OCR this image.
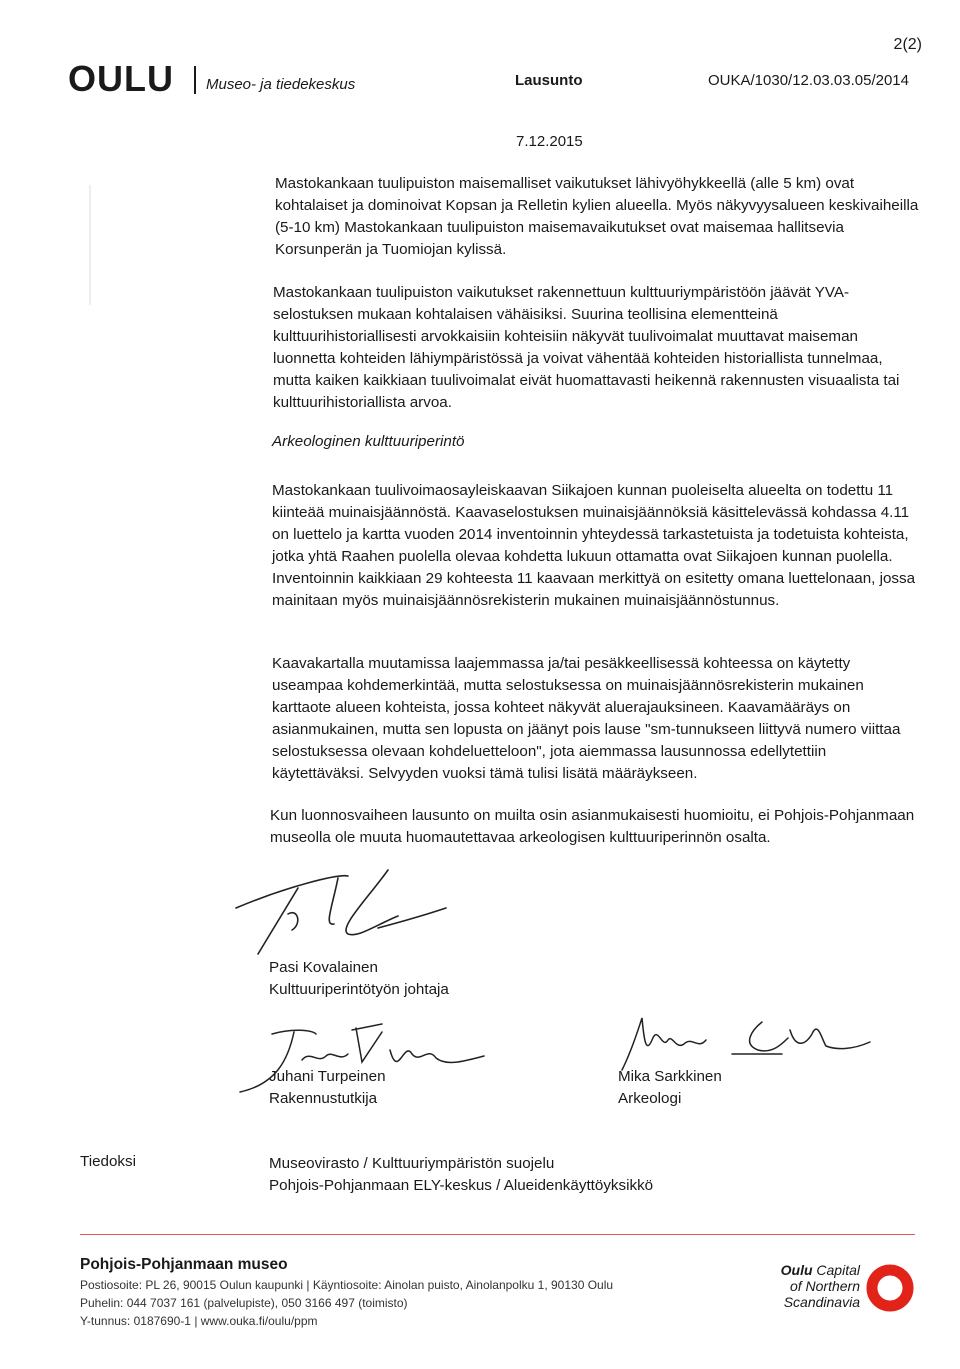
2(2)
OULU Museo- ja tiedekeskus	Lausunto	OUKA/1030/12.03.03.05/2014
7.12.2015

Mastokankaan tuulipuiston maisemalliset vaikutukset lähivyöhykkeellä (alle 5 km) ovat kohtalaiset ja dominoivat Kopsan ja Relletin kylien alueella. Myös näkyvyysalueen keskivaiheilla (5-10 km) Mastokankaan tuulipuiston maisemavaikutukset ovat maisemaa hallitsevia Korsunperän ja Tuomiojan kylissä.

Mastokankaan tuulipuiston vaikutukset rakennettuun kulttuuriympäristöön jäävät YVA-selostuksen mukaan kohtalaisen vähäisiksi. Suurina teollisina elementteinä kulttuurihistoriallisesti arvokkaisiin kohteisiin näkyvät tuulivoimalat muuttavat maiseman luonnetta kohteiden lähiympäristössä ja voivat vähentää kohteiden historiallista tunnelmaa, mutta kaiken kaikkiaan tuulivoimalat eivät huomattavasti heikennä rakennusten visuaalista tai kulttuurihistoriallista arvoa.

Arkeologinen kulttuuriperintö

Mastokankaan tuulivoimaosayleiskaavan Siikajoen kunnan puoleiselta alueelta on todettu 11 kiinteää muinaisjäännöstä. Kaavaselostuksen muinaisjäännöksiä käsittelevässä kohdassa 4.11 on luettelo ja kartta vuoden 2014 inventoinnin yhteydessä tarkastetuista ja todetuista kohteista, jotka yhtä Raahen puolella olevaa kohdetta lukuun ottamatta ovat Siikajoen kunnan puolella. Inventoinnin kaikkiaan 29 kohteesta 11 kaavaan merkittyä on esitetty omana luettelonaan, jossa mainitaan myös muinaisjäännösrekisterin mukainen muinaisjäännöstunnus.

Kaavakartalla muutamissa laajemmassa ja/tai pesäkkeellisessä kohteessa on käytetty useampaa kohdemerkintää, mutta selostuksessa on muinaisjäännösrekisterin mukainen karttaote alueen kohteista, jossa kohteet näkyvät aluerajauksineen. Kaavamääräys on asianmukainen, mutta sen lopusta on jäänyt pois lause "sm-tunnukseen liittyvä numero viittaa selostuksessa olevaan kohdeluetteloon", jota aiemmassa lausunnossa edellytettiin käytettäväksi. Selvyyden vuoksi tämä tulisi lisätä määräykseen.

Kun luonnosvaiheen lausunto on muilta osin asianmukaisesti huomioitu, ei Pohjois-Pohjanmaan museolla ole muuta huomautettavaa arkeologisen kulttuuriperinnön osalta.

Pasi Kovalainen
Kulttuuriperintötyön johtaja
Juhani Turpeinen
Rakennustutkija
Mika Sarkkinen
Arkeologi
Tiedoksi	Museovirasto / Kulttuuriympäristön suojelu
Pohjois-Pohjanmaan ELY-keskus / Alueidenkäyttöyksikkö
Pohjois-Pohjanmaan museo
Postiosoite: PL 26, 90015 Oulun kaupunki | Käyntiosoite: Ainolan puisto, Ainolanpolku 1, 90130 Oulu
Puhelin: 044 7037 161 (palvelupiste), 050 3166 497 (toimisto)
Y-tunnus: 0187690-1 | www.ouka.fi/oulu/ppm
Oulu Capital
of Northern
Scandinavia
